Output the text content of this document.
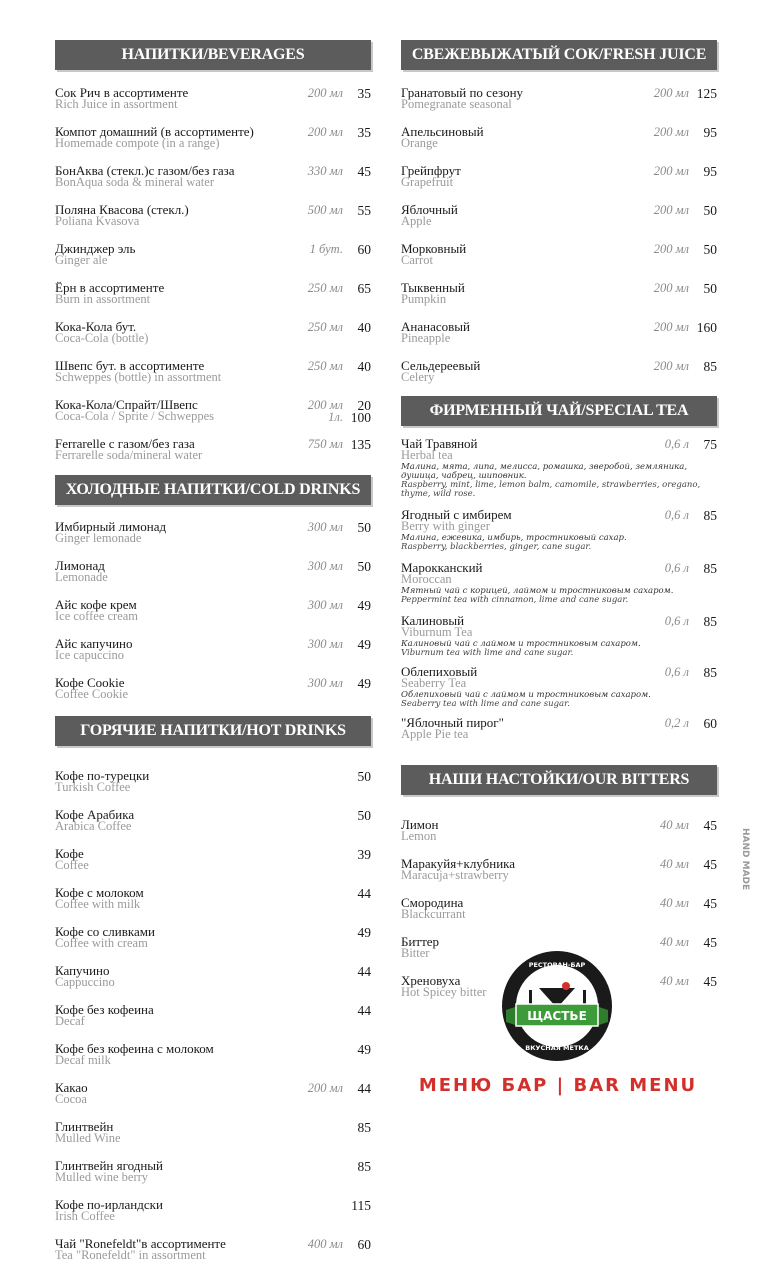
НАПИТКИ/BEVERAGES
Сок Рич в ассортименте
Rich Juice in assortment
200 мл 35
Компот домашний (в ассортименте)
Homemade compote (in a range)
200 мл 35
БонАква (стекл.)с газом/без газа
BonAqua soda & mineral water
330 мл 45
Поляна Квасова (стекл.)
Poliana Kvasova
500 мл 55
Джинджер эль
Ginger ale
1 бут. 60
Ёрн в ассортименте
Burn in assortment
250 мл 65
Кока-Кола бут.
Coca-Cola (bottle)
250 мл 40
Швепс бут. в ассортименте
Schweppes (bottle) in assortment
250 мл 40
Кока-Кола/Спрайт/Швепс
Coca-Cola / Sprite / Schweppes
200 мл 20
1л. 100
Ferrarelle с газом/без газа
Ferrarelle soda/mineral water
750 мл 135
ХОЛОДНЫЕ НАПИТКИ/COLD DRINKS
Имбирный лимонад
Ginger lemonade
300 мл 50
Лимонад
Lemonade
300 мл 50
Айс кофе крем
Ice coffee cream
300 мл 49
Айс капучино
Ice capuccino
300 мл 49
Кофе Cookie
Coffee Cookie
300 мл 49
ГОРЯЧИЕ НАПИТКИ/HOT DRINKS
Кофе по-турецки
Turkish Coffee
50
Кофе Арабика
Arabica Coffee
50
Кофе
Coffee
39
Кофе с молоком
Coffee with milk
44
Кофе со сливками
Coffee with cream
49
Капучино
Cappuccino
44
Кофе без кофеина
Decaf
44
Кофе без кофеина с молоком
Decaf milk
49
Какао
Cocoa
200 мл 44
Глинтвейн
Mulled Wine
85
Глинтвейн ягодный
Mulled wine berry
85
Кофе по-ирландски
Irish Coffee
115
Чай "Ronefeldt"в ассортименте
Tea "Ronefeldt" in assortment
400 мл 60
СВЕЖЕВЫЖАТЫЙ СОК/FRESH JUICE
Гранатовый по сезону
Pomegranate seasonal
200 мл 125
Апельсиновый
Orange
200 мл 95
Грейпфрут
Grapefruit
200 мл 95
Яблочный
Apple
200 мл 50
Морковный
Carrot
200 мл 50
Тыквенный
Pumpkin
200 мл 50
Ананасовый
Pineapple
200 мл 160
Сельдереевый
Celery
200 мл 85
ФИРМЕННЫЙ ЧАЙ/SPECIAL TEA
Чай Травяной
Herbal tea
Малина, мята, липа, мелисса, ромашка, зверобой, земляника, душица, чабрец, шиповник.
Raspberry, mint, lime, lemon balm, camomile, strawberries, oregano, thyme, wild rose.
0,6 л 75
Ягодный с имбирем
Berry with ginger
Малина, ежевика, имбирь, тростниковый сахар.
Raspberry, blackberries, ginger, cane sugar.
0,6 л 85
Марокканский
Moroccan
Мятный чай с корицей, лаймом и тростниковым сахаром.
Peppermint tea with cinnamon, lime and cane sugar.
0,6 л 85
Калиновый
Viburnum Tea
Калиновый чай с лаймом и тростниковым сахаром.
Viburnum tea with lime and cane sugar.
0,6 л 85
Облепиховый
Seaberry Tea
Облепиховый чай с лаймом и тростниковым сахаром.
Seaberry tea with lime and cane sugar.
0,6 л 85
"Яблочный пирог"
Apple Pie tea
0,2 л 60
НАШИ НАСТОЙКИ/OUR BITTERS
Лимон
Lemon
40 мл 45
Маракуйя+клубника
Maracuja+strawberry
40 мл 45
Смородина
Blackcurrant
40 мл 45
Биттер
Bitter
40 мл 45
Хреновуха
Hot Spicey bitter
40 мл 45
ЩАСТЬЕ
РЕСТОРАН-БАР
ВКУСНАЯ МЕТКА
МЕНЮ БАР | BAR MENU
HAND MADE
